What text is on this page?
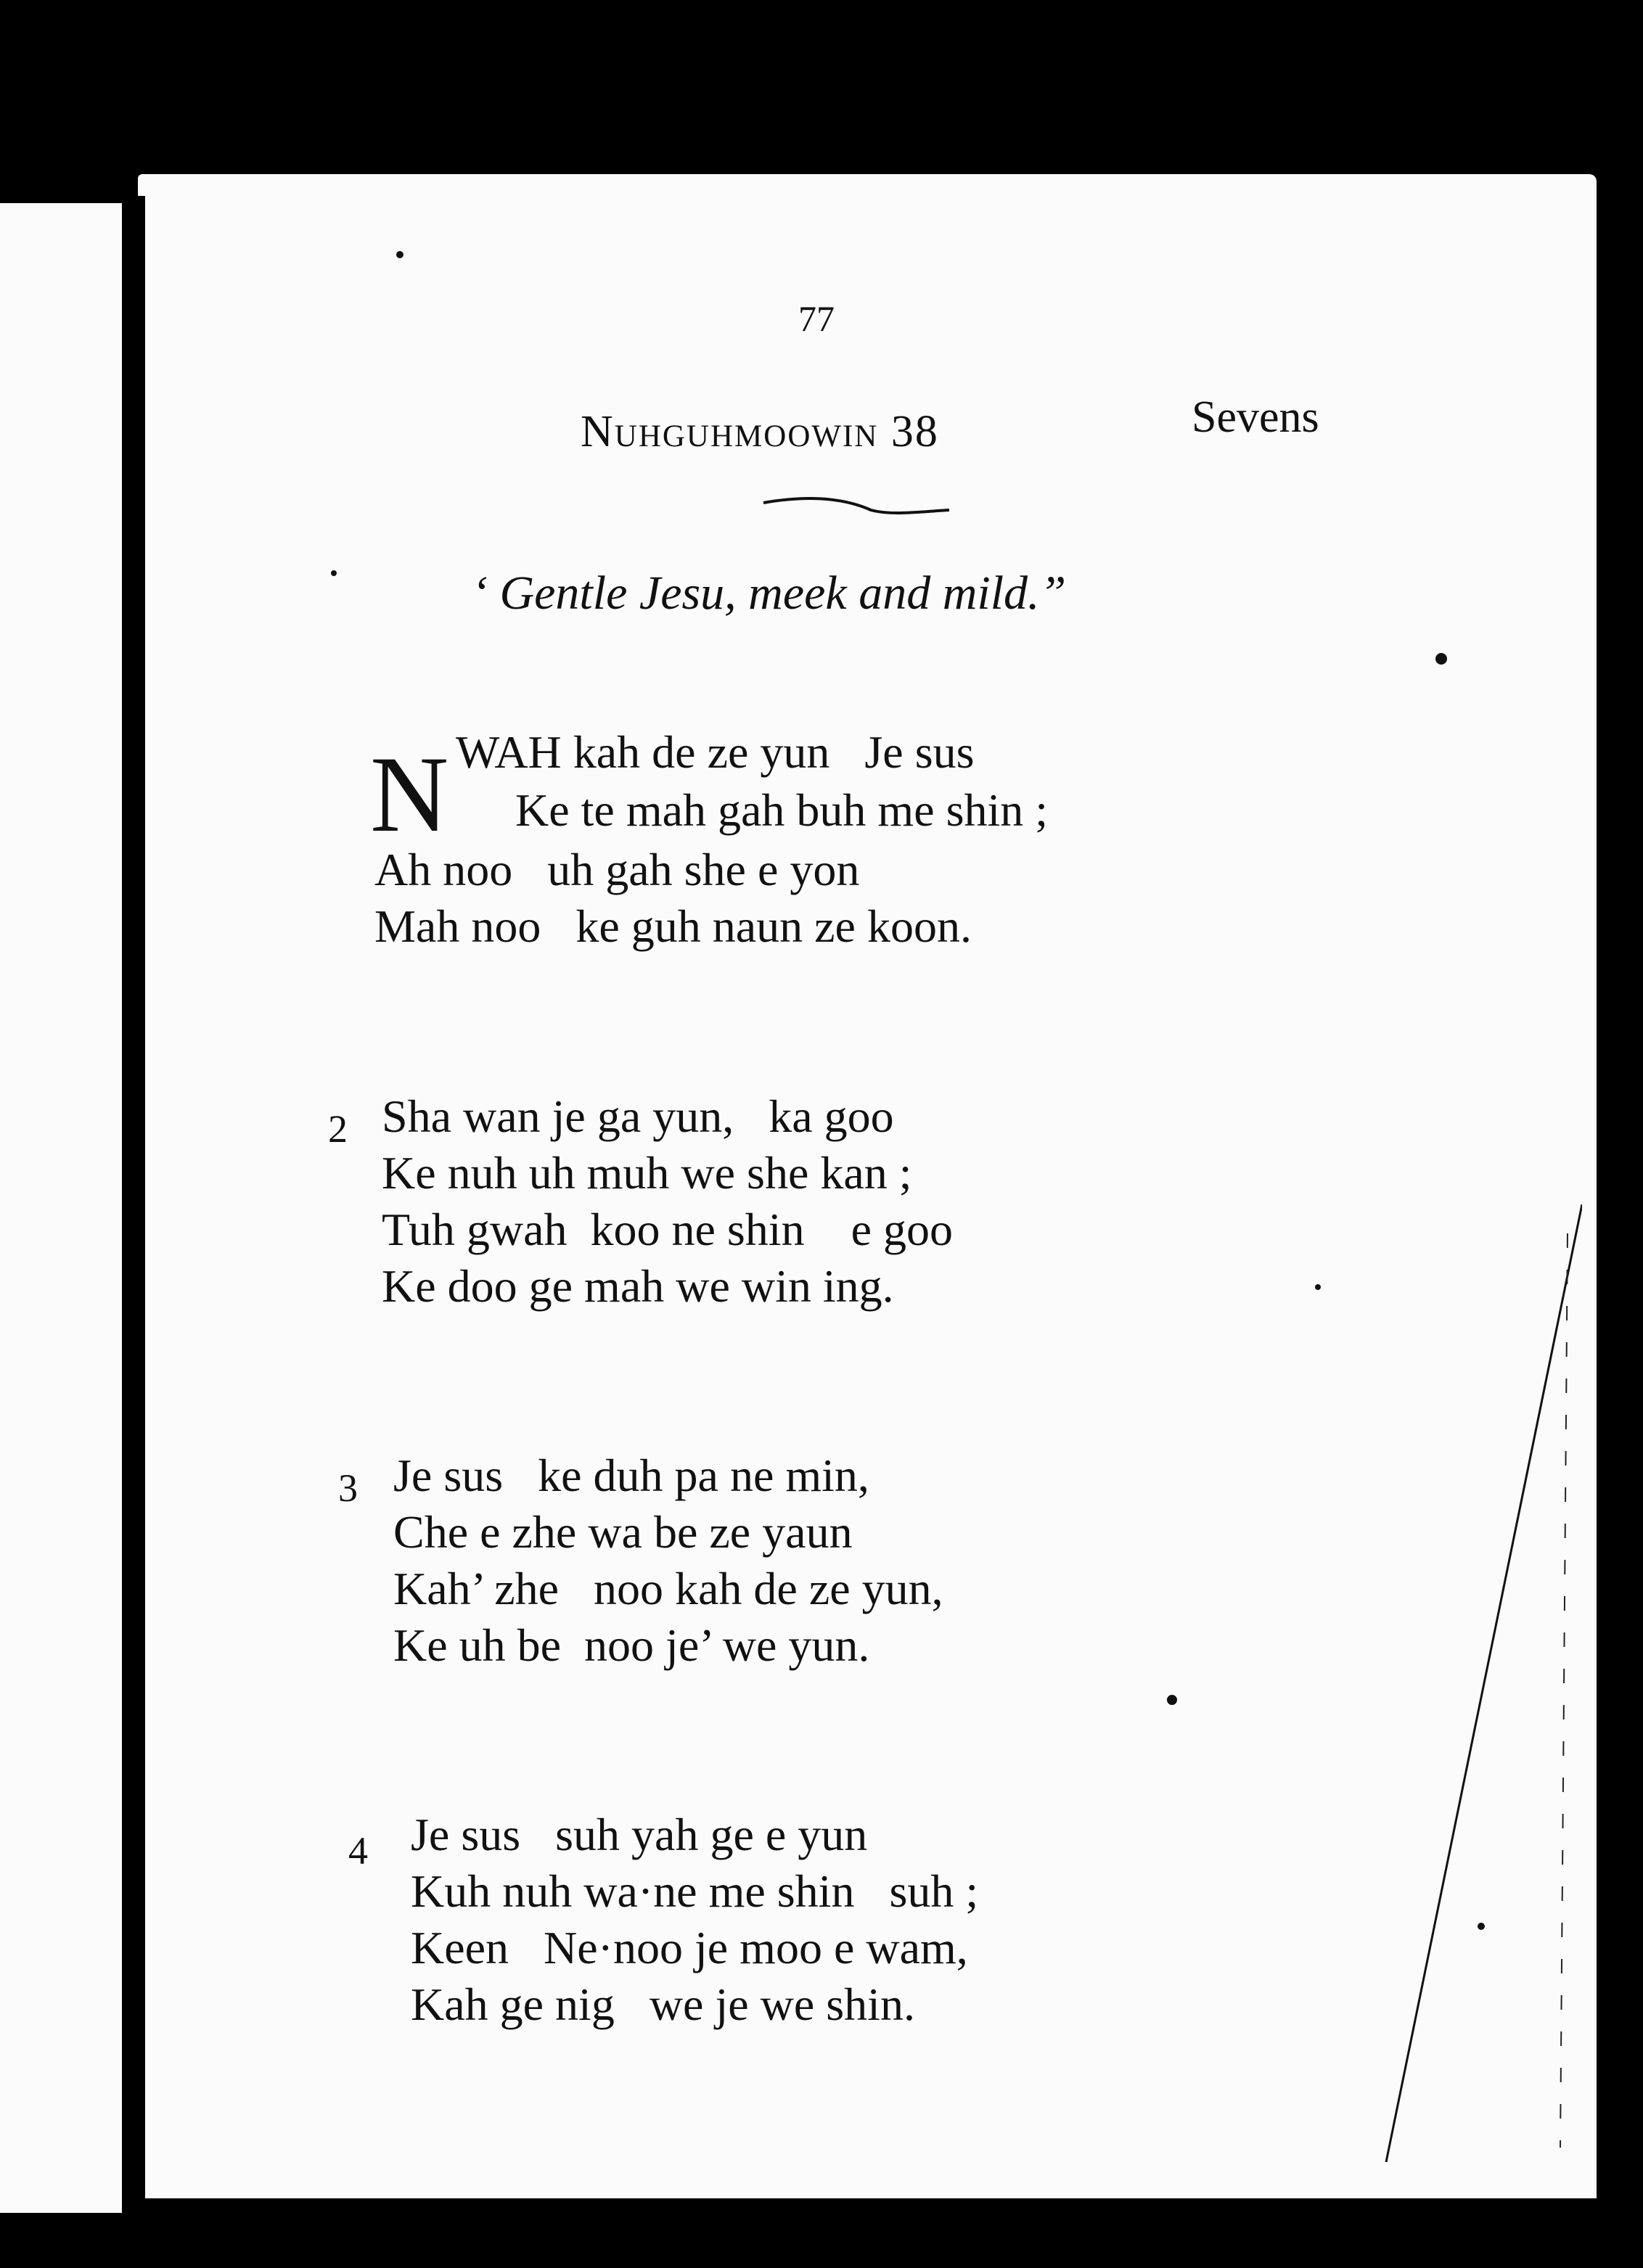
77
Nuhguhmoowin 38	Sevens
‘ Gentle Jesu, meek and mild.”
N WAH kah de ze yun   Je sus
Ke te mah gah buh me shin ;
Ah noo   uh gah she e yon
Mah noo   ke guh naun ze koon.
2 Sha wan je ga yun,   ka goo
Ke nuh uh muh we she kan ;
Tuh gwah  koo ne shin    e goo
Ke doo ge mah we win ing.
3 Je sus   ke duh pa ne min,
Che e zhe wa be ze yaun
Kah’ zhe   noo kah de ze yun,
Ke uh be  noo je’ we yun.
4 Je sus   suh yah ge e yun
Kuh nuh wa·ne me shin   suh ;
Keen   Ne·noo je moo e wam,
Kah ge nig   we je we shin.
